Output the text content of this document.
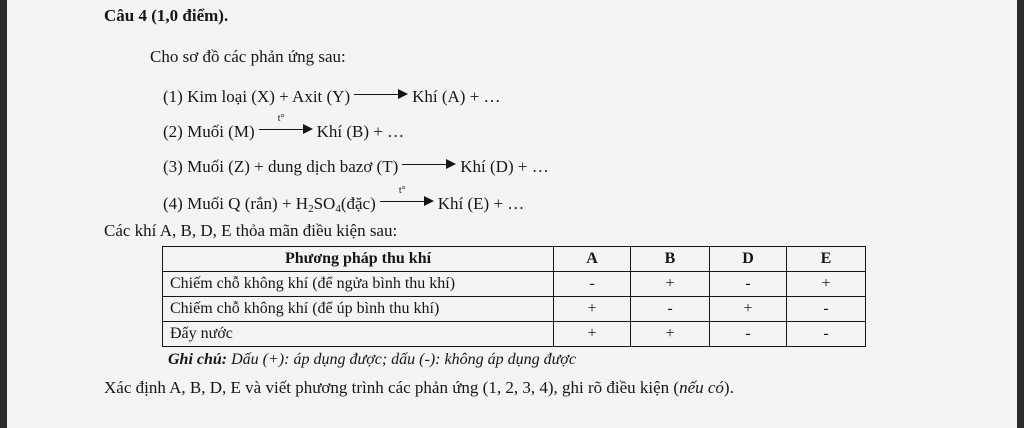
Câu 4 (1,0 điểm).
Cho sơ đồ các phản ứng sau:
(1) Kim loại (X) + Axit (Y)	Khí (A) + …
(2) Muối (M)
t°
Khí (B) + …
(3) Muối (Z) + dung dịch bazơ (T)	Khí (D) + …
(4) Muối Q (rắn) + $H_2SO_4(đặc)$
t°
Khí (E) + …
Các khí A, B, D, E thỏa mãn điều kiện sau:
Phương pháp thu khí	A	B	D	E
Chiếm chỗ không khí (để ngửa bình thu khí)	-	+	-	+
Chiếm chỗ không khí (để úp bình thu khí)	+	-	+	-
Đẩy nước	+	+	-	-
Ghi chú: Dấu (+): áp dụng được; dấu (-): không áp dụng được
Xác định A, B, D, E và viết phương trình các phản ứng (1, 2, 3, 4), ghi rõ điều kiện (nếu có).
